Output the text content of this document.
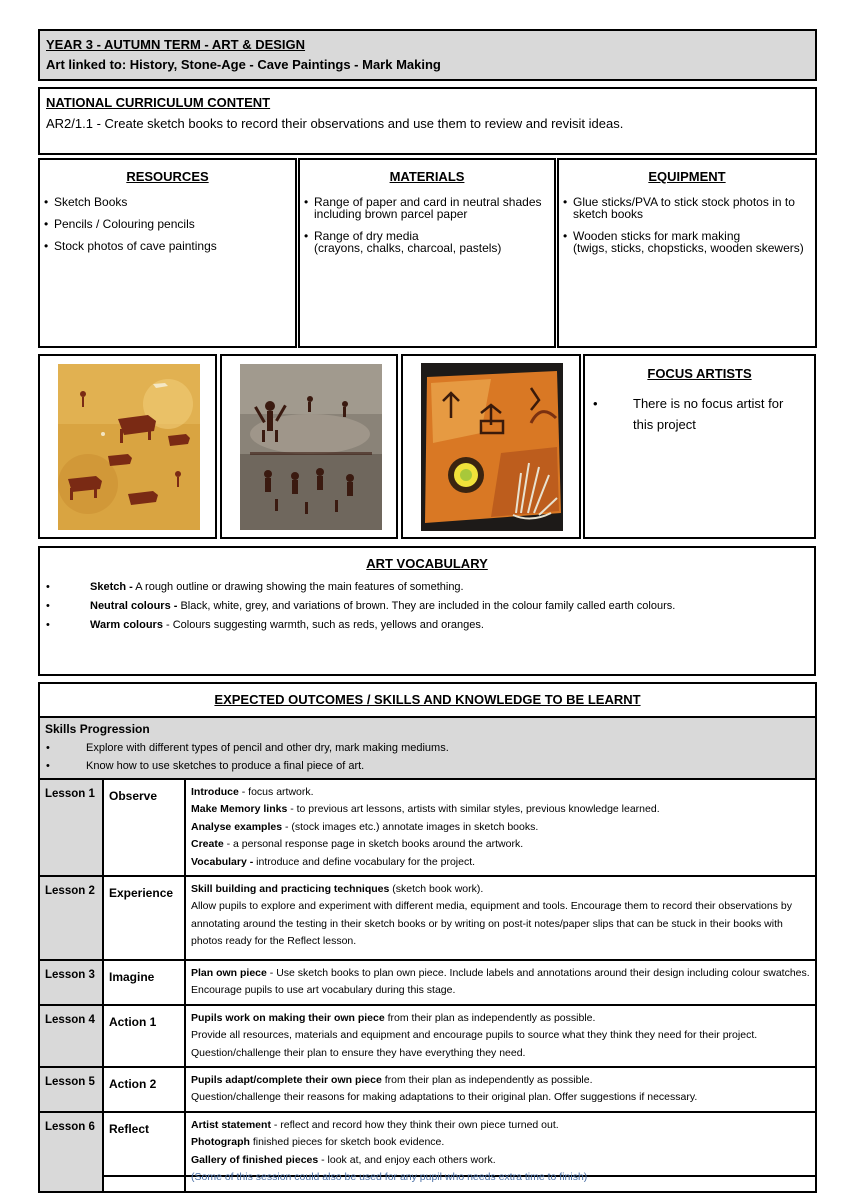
YEAR 3 - AUTUMN TERM - ART & DESIGN

Art linked to: History, Stone-Age - Cave Paintings - Mark Making

NATIONAL CURRICULUM CONTENT

AR2/1.1 - Create sketch books to record their observations and use them to review and revisit ideas.

RESOURCES
• Sketch Books
• Pencils / Colouring pencils
• Stock photos of cave paintings
MATERIALS
• Range of paper and card in neutral shades
including brown parcel paper
• Range of dry media
(crayons, chalks, charcoal, pastels)
EQUIPMENT
• Glue sticks/PVA to stick stock photos in to
sketch books
• Wooden sticks for mark making
(twigs, sticks, chopsticks, wooden skewers)
FOCUS ARTISTS
•	There is no focus artist for this project
ART VOCABULARY
• Sketch - A rough outline or drawing showing the main features of something.
• Neutral colours - Black, white, grey, and variations of brown. They are included in the colour family called earth colours.
• Warm colours - Colours suggesting warmth, such as reds, yellows and oranges.
EXPECTED OUTCOMES / SKILLS AND KNOWLEDGE TO BE LEARNT
Skills Progression
•	Explore with different types of pencil and other dry, mark making mediums.
•	Know how to use sketches to produce a final piece of art.
Lesson 1	Observe	Introduce - focus artwork.
Make Memory links - to previous art lessons, artists with similar styles, previous knowledge learned.
Analyse examples - (stock images etc.) annotate images in sketch books.
Create - a personal response page in sketch books around the artwork.
Vocabulary - introduce and define vocabulary for the project.

Lesson 2	Experience	Skill building and practicing techniques (sketch book work).
Allow pupils to explore and experiment with different media, equipment and tools. Encourage them to record their observations by annotating around the testing in their sketch books or by writing on post-it notes/paper slips that can be stuck in their books with photos ready for the Reflect lesson.

Lesson 3	Imagine	Plan own piece - Use sketch books to plan own piece. Include labels and annotations around their design including colour swatches. Encourage pupils to use art vocabulary during this stage.

Lesson 4	Action 1	Pupils work on making their own piece from their plan as independently as possible.
Provide all resources, materials and equipment and encourage pupils to source what they think they need for their project. Question/challenge their plan to ensure they have everything they need.

Lesson 5	Action 2	Pupils adapt/complete their own piece from their plan as independently as possible.
Question/challenge their reasons for making adaptations to their original plan. Offer suggestions if necessary.

Lesson 6	Reflect	Artist statement - reflect and record how they think their own piece turned out.
Photograph finished pieces for sketch book evidence.
Gallery of finished pieces - look at, and enjoy each others work.
(Some of this session could also be used for any pupil who needs extra time to finish)
